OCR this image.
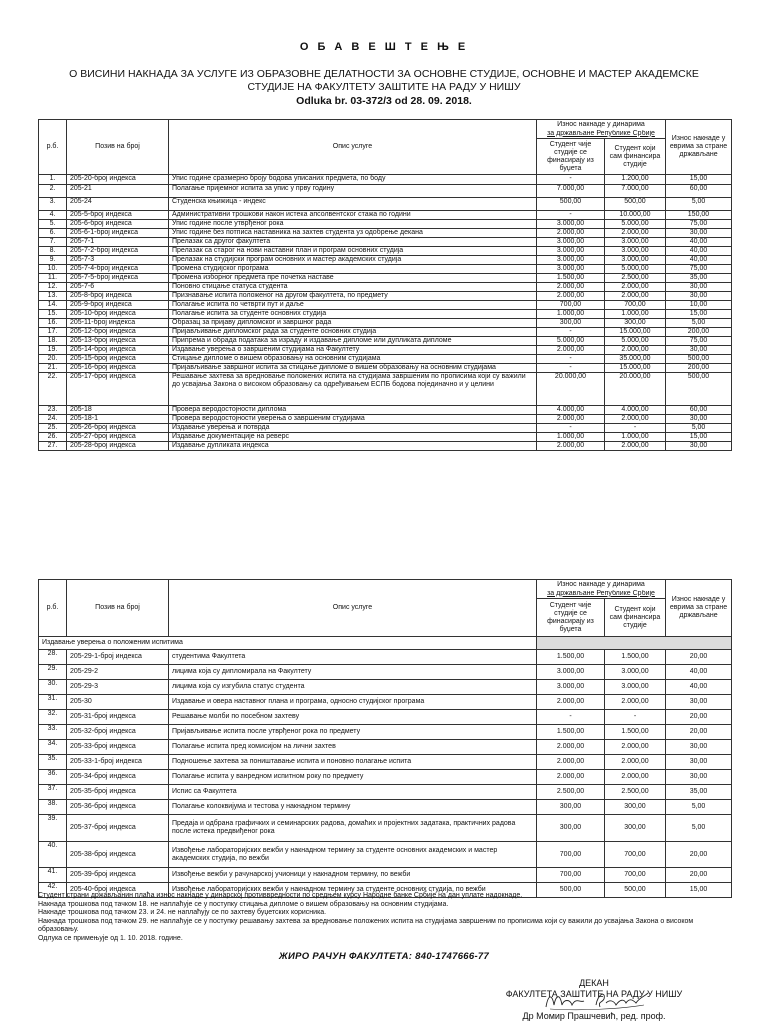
О Б А В Е Ш Т Е Њ Е
О ВИСИНИ НАКНАДА ЗА УСЛУГЕ ИЗ ОБРАЗОВНЕ ДЕЛАТНОСТИ ЗА ОСНОВНЕ СТУДИЈЕ, ОСНОВНЕ И МАСТЕР АКАДЕМСКЕ СТУДИЈЕ НА ФАКУЛТЕТУ ЗАШТИТЕ НА РАДУ У НИШУ
Odluka br. 03-372/3 od 28. 09. 2018.
р.б.	Позив на број	Опис услуге	Износ накнаде у динарима		Износ накнаде у еврима за стране држављане
			за држављане Републике Србије		
			Студент чије студије се финасирају из буџета	Студент који сам финансира студије	
1.	205-20-број индекса	Упис године сразмерно броју бодова уписаних предмета, по боду	-	1.200,00	15,00
2.	205-21	Полагање пријемног испита за упис у прву годину	7.000,00	7.000,00	60,00
3.	205-24	Студенска књижица - индекс	500,00	500,00	5,00
4.	205-5-број индекса	Административни трошкови након истека апсолвентског стажа по години	-	10.000,00	150,00
5.	205-6-број индекса	Упис године после утврђеног рока	3.000,00	5.000,00	75,00
6.	205-6-1-број индекса	Упис године без потписа наставника на захтев студента уз одобрење декана	2.000,00	2.000,00	30,00
7.	205-7-1	Прелазак са другог факултета	3.000,00	3.000,00	40,00
8.	205-7-2-број индекса	Прелазак са старог на нови наставни план и програм основних студија	3.000,00	3.000,00	40,00
9.	205-7-3	Прелазак на студијски програм основних и мастер академских студија	3.000,00	3.000,00	40,00
10.	205-7-4-број индекса	Промена студијског програма	3.000,00	5.000,00	75,00
11.	205-7-5-број индекса	Промена изборног предмета пре почетка наставе	1.500,00	2.500,00	35,00
12.	205-7-6	Поновно стицање статуса студента	2.000,00	2.000,00	30,00
13.	205-8-број индекса	Признавање испита положеног на другом факултета, по предмету	2.000,00	2.000,00	30,00
14.	205-9-број индекса	Полагање испита по четврти пут и даље	700,00	700,00	10,00
15.	205-10-број индекса	Полагање испита за студенте основних студија	1.000,00	1.000,00	15,00
16.	205-11-број индекса	Образац за пријаву дипломског и завршног рада	300,00	300,00	5,00
17.	205-12-број индекса	Пријављивање дипломског рада за студенте основних студија	-	15.000,00	200,00
18.	205-13-број индекса	Припрема и обрада података за израду и издавање дипломе или дупликата дипломе	5.000,00	5.000,00	75,00
19.	205-14-број индекса	Издавање уверења о завршеним студијама на Факултету	2.000,00	2.000,00	30,00
20.	205-15-број индекса	Стицање дипломе о вишем образовању на основним студијама	-	35.000,00	500,00
21.	205-16-број индекса	Пријављивање завршног испита за стицање дипломе о вишем образовању на основним студијама	-	15.000,00	200,00
22.	205-17-број индекса	Решавање захтева за вредновање положених испита на студијама завршеним по прописима који су важили до усвајања Закона о високом образовању са одређивањем ЕСПБ бодова појединачно и у целини	20.000,00	20.000,00	500,00
23.	205-18	Провера веродостојности диплома	4.000,00	4.000,00	60,00
24.	205-18-1	Провера веродостојности уверења о завршеним студијама	2.000,00	2.000,00	30,00
25.	205-26-број индекса	Издавање уверења и потврда	-	-	5,00
26.	205-27-број индекса	Издавање документације на реверс	1.000,00	1.000,00	15,00
27.	205-28-број индекса	Издавање дупликата индекса	2.000,00	2.000,00	30,00
р.б.	Позив на број	Опис услуге	Износ накнаде у динарима		Износ накнаде у еврима за стране држављане
			за држављане Републике Србије		
			Студент чије студије се финасирају из буџета	Студент који сам финансира студије	
Издавање уверења о положеним испитима					
28.	205-29-1-број индекса	студентима Факултета	1.500,00	1.500,00	20,00
29.	205-29-2	лицима која су дипломирала на Факултету	3.000,00	3.000,00	40,00
30.	205-29-3	лицима која су изгубила статус студента	3.000,00	3.000,00	40,00
31.	205-30	Издавање и овера наставног плана и програма, односно студијског програма	2.000,00	2.000,00	30,00
32.	205-31-број индекса	Решавање молби по посебном захтеву	-	-	20,00
33.	205-32-број индекса	Пријављивање испита после утврђеног рока по предмету	1.500,00	1.500,00	20,00
34.	205-33-број индекса	Полагање испита пред комисијом на лични захтев	2.000,00	2.000,00	30,00
35.	205-33-1-број индекса	Подношење захтева за поништавање испита и поновно полагање испита	2.000,00	2.000,00	30,00
36.	205-34-број индекса	Полагање испита у ванредном испитном року по предмету	2.000,00	2.000,00	30,00
37.	205-35-број индекса	Испис са Факултета	2.500,00	2.500,00	35,00
38.	205-36-број индекса	Полагање колоквијума и тестова у накнадном термину	300,00	300,00	5,00
39.	205-37-број индекса	Предаја и одбрана графичких и семинарских радова, домаћих и пројектних задатака, практичних радова после истека предвиђеног рока	300,00	300,00	5,00
40.	205-38-број индекса	Извођење лабораторијских вежби у накнадном термину за студенте основних академских и мастер академских студија, по вежби	700,00	700,00	20,00
41.	205-39-број индекса	Извођење вежби у рачунарској учионици у накнадном термину, по вежби	700,00	700,00	20,00
42.	205-40-број индекса	Извођење лабораторијских вежби у накнадном термину за студенте основних студија, по вежби	500,00	500,00	15,00
Студент страни држављанин плаћа износ накнаде у динарској противвредности по средњем курсу Народне банке Србије на дан уплате надокнаде.
Накнада трошкова под тачком 18. не наплаћује се у поступку стицања дипломе о вишем образовању на основним студијама.
Накнаде трошкова под тачком 23. и 24. не наплаћују се по захтеву буџетских корисника.
Накнада трошкова под тачком 29. не наплаћује се у поступку решавању захтева за вредновање положених испита на студијама завршеним по прописима који су важили до усвајања Закона о високом образовању.
Одлука се примењује од 1. 10. 2018. године.
ЖИРО РАЧУН ФАКУЛТЕТА: 840-1747666-77
ДЕКАН
ФАКУЛТЕТА ЗАШТИТЕ НА РАДУ У НИШУ
Др Момир Прашчевић, ред. проф.
